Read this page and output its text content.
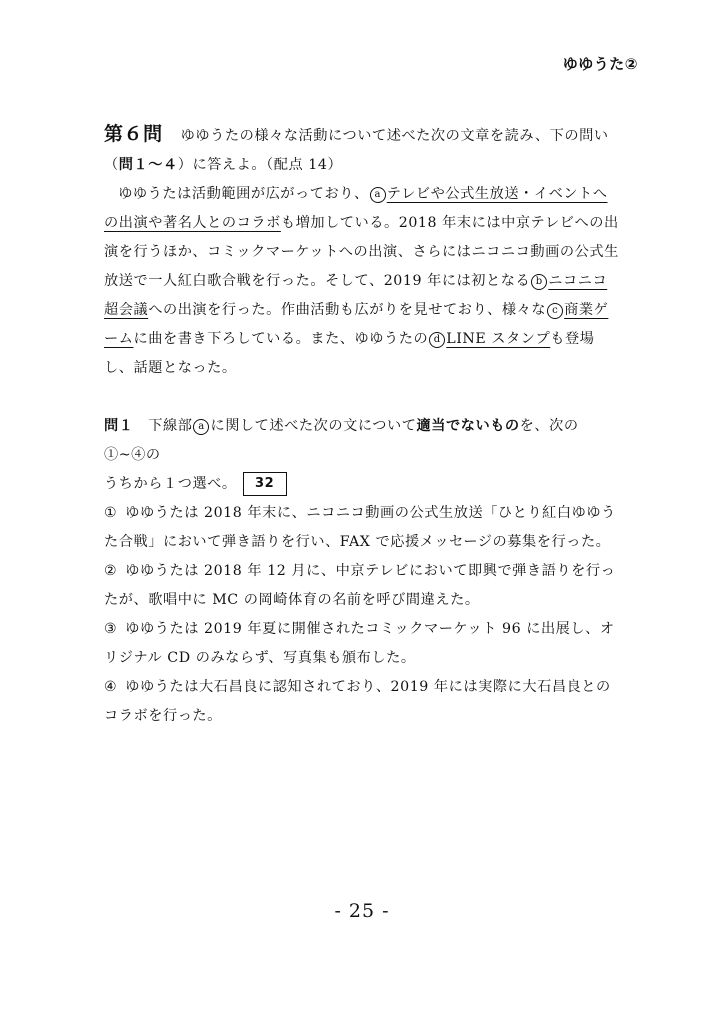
ゆゆうた②

第６問 ゆゆうたの様々な活動について述べた次の文章を読み、下の問い
（問１～４）に答えよ。（配点 14）

ゆゆうたは活動範囲が広がっており、 a テレビや公式生放送・イベントへの出演や著名人とのコラボも増加している。2018 年末には中京テレビへの出演を行うほか、コミックマーケットへの出演、さらにはニコニコ動画の公式生放送で一人紅白歌合戦を行った。そして、2019 年には初となる b ニコニコ超会議への出演を行った。作曲活動も広がりを見せており、様々な c 商業ゲームに曲を書き下ろしている。また、ゆゆうたの d LINE スタンプも登場し、話題となった。

問１　 下線部 a に関して述べた次の文について適当でないものを、次の①~④の
うちから１つ選べ。 32

① ゆゆうたは 2018 年末に、ニコニコ動画の公式生放送「ひとり紅白ゆゆうた合戦」において弾き語りを行い、FAX で応援メッセージの募集を行った。

② ゆゆうたは 2018 年 12 月に、中京テレビにおいて即興で弾き語りを行ったが、歌唱中に MC の岡崎体育の名前を呼び間違えた。

③ ゆゆうたは 2019 年夏に開催されたコミックマーケット 96 に出展し、オリジナル CD のみならず、写真集も頒布した。

④ ゆゆうたは大石昌良に認知されており、2019 年には実際に大石昌良とのコラボを行った。

- 25 -
